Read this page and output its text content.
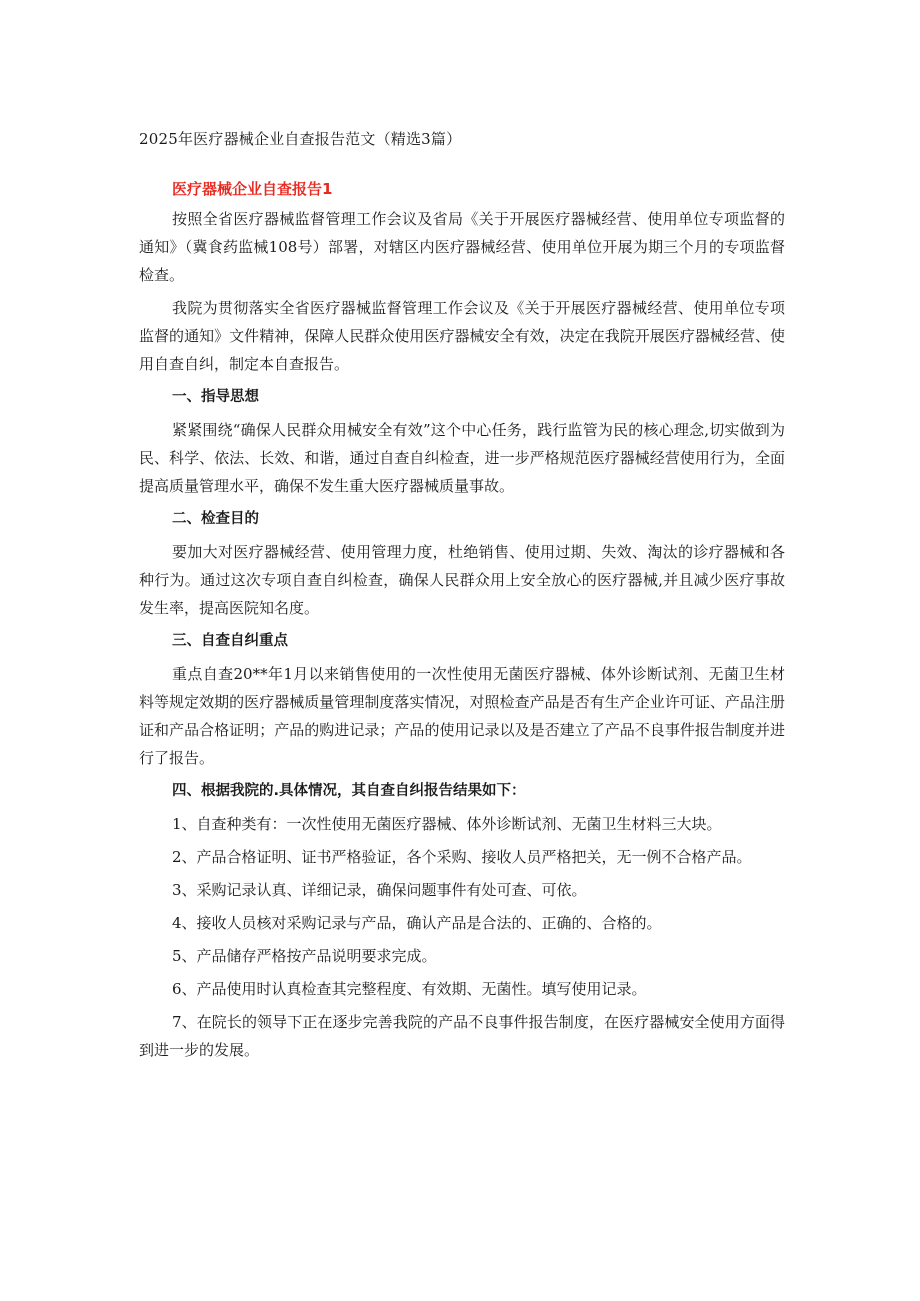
2025年医疗器械企业自查报告范文（精选3篇）
医疗器械企业自查报告1

按照全省医疗器械监督管理工作会议及省局《关于开展医疗器械经营、使用单位专项监督的通知》（冀食药监械108号）部署，对辖区内医疗器械经营、使用单位开展为期三个月的专项监督检查。

我院为贯彻落实全省医疗器械监督管理工作会议及《关于开展医疗器械经营、使用单位专项监督的通知》文件精神，保障人民群众使用医疗器械安全有效，决定在我院开展医疗器械经营、使用自查自纠，制定本自查报告。

一、指导思想

紧紧围绕“确保人民群众用械安全有效”这个中心任务，践行监管为民的核心理念,切实做到为民、科学、依法、长效、和谐，通过自查自纠检查，进一步严格规范医疗器械经营使用行为，全面提高质量管理水平，确保不发生重大医疗器械质量事故。

二、检查目的

要加大对医疗器械经营、使用管理力度，杜绝销售、使用过期、失效、淘汰的诊疗器械和各种行为。通过这次专项自查自纠检查，确保人民群众用上安全放心的医疗器械,并且减少医疗事故发生率，提高医院知名度。

三、自查自纠重点

重点自查20**年1月以来销售使用的一次性使用无菌医疗器械、体外诊断试剂、无菌卫生材料等规定效期的医疗器械质量管理制度落实情况，对照检查产品是否有生产企业许可证、产品注册证和产品合格证明；产品的购进记录；产品的使用记录以及是否建立了产品不良事件报告制度并进行了报告。

四、根据我院的.具体情况，其自查自纠报告结果如下：

1、自查种类有：一次性使用无菌医疗器械、体外诊断试剂、无菌卫生材料三大块。

2、产品合格证明、证书严格验证，各个采购、接收人员严格把关，无一例不合格产品。

3、采购记录认真、详细记录，确保问题事件有处可查、可依。

4、接收人员核对采购记录与产品，确认产品是合法的、正确的、合格的。

5、产品储存严格按产品说明要求完成。

6、产品使用时认真检查其完整程度、有效期、无菌性。填写使用记录。

7、在院长的领导下正在逐步完善我院的产品不良事件报告制度，在医疗器械安全使用方面得到进一步的发展。
